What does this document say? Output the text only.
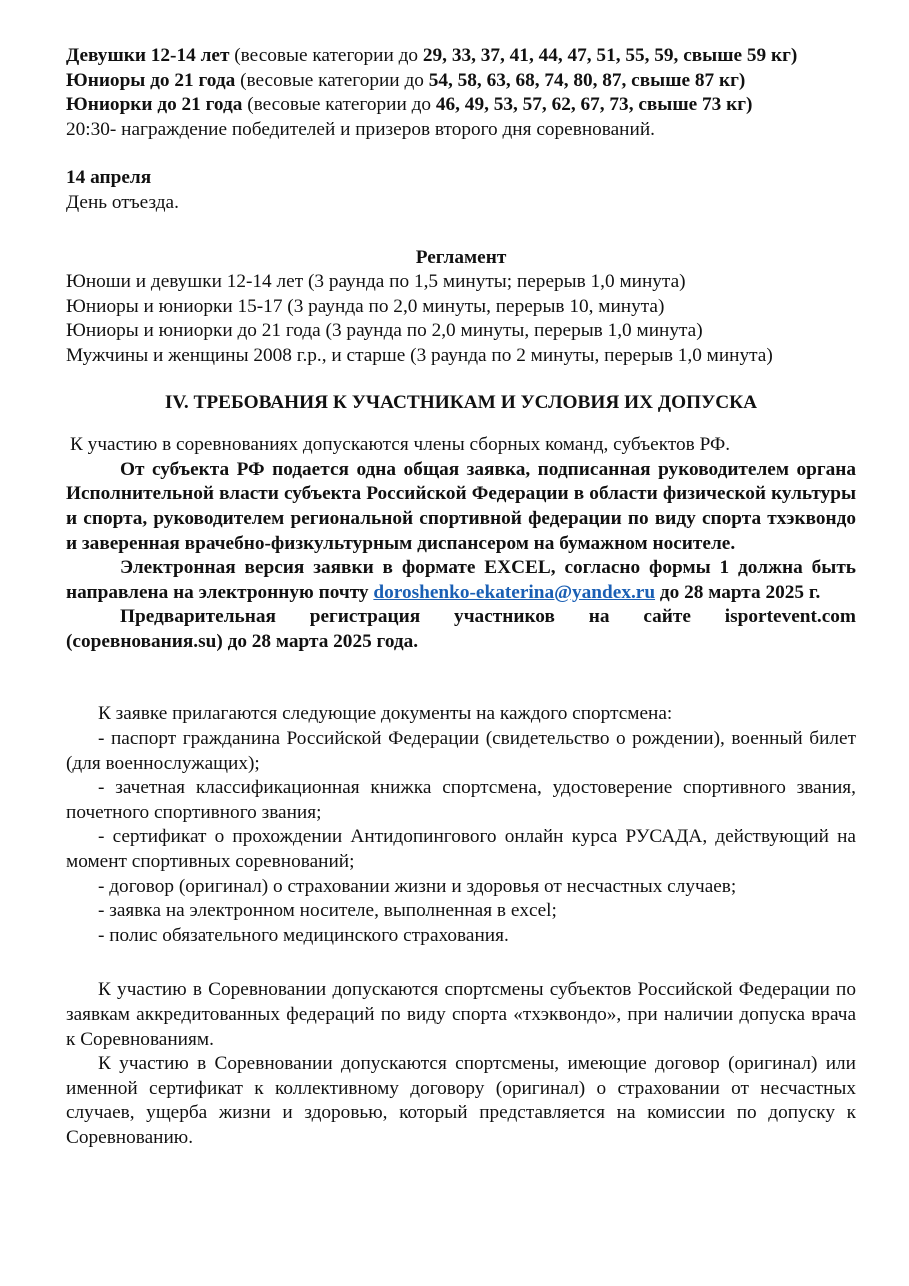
Девушки 12-14 лет (весовые категории до 29, 33, 37, 41, 44, 47, 51, 55, 59, свыше 59 кг)

Юниоры до 21 года (весовые категории до 54, 58, 63, 68, 74, 80, 87, свыше 87 кг)

Юниорки до 21 года (весовые категории до 46, 49, 53, 57, 62, 67, 73, свыше 73 кг)

20:30- награждение победителей и призеров второго дня соревнований.

14 апреля

День отъезда.

Регламент

Юноши и девушки 12-14 лет (3 раунда по 1,5 минуты; перерыв 1,0 минута)

Юниоры и юниорки 15-17 (3 раунда по 2,0 минуты, перерыв 10, минута)

Юниоры и юниорки до 21 года (3 раунда по 2,0 минуты, перерыв 1,0 минута)

Мужчины и женщины 2008 г.р., и старше (3 раунда по 2 минуты, перерыв 1,0 минута)

IV. ТРЕБОВАНИЯ К УЧАСТНИКАМ И УСЛОВИЯ ИХ ДОПУСКА

К участию в соревнованиях допускаются члены сборных команд, субъектов РФ.

От субъекта РФ подается одна общая заявка, подписанная руководителем органа Исполнительной власти субъекта Российской Федерации в области физической культуры и спорта, руководителем региональной спортивной федерации по виду спорта тхэквондо и заверенная врачебно-физкультурным диспансером на бумажном носителе.

Электронная версия заявки в формате EXCEL, согласно формы 1 должна быть направлена на электронную почту doroshenko-ekaterina@yandex.ru до 28 марта 2025 г.

Предварительная регистрация участников на сайте isportevent.com (соревнования.su) до 28 марта 2025 года.

К заявке прилагаются следующие документы на каждого спортсмена:

- паспорт гражданина Российской Федерации (свидетельство о рождении), военный билет (для военнослужащих);

- зачетная классификационная книжка спортсмена, удостоверение спортивного звания, почетного спортивного звания;

- сертификат о прохождении Антидопингового онлайн курса РУСАДА, действующий на момент спортивных соревнований;

- договор (оригинал) о страховании жизни и здоровья от несчастных случаев;

- заявка на электронном носителе, выполненная в excel;

- полис обязательного медицинского страхования.

К участию в Соревновании допускаются спортсмены субъектов Российской Федерации по заявкам аккредитованных федераций по виду спорта «тхэквондо», при наличии допуска врача к Соревнованиям.

К участию в Соревновании допускаются спортсмены, имеющие договор (оригинал) или именной сертификат к коллективному договору (оригинал) о страховании от несчастных случаев, ущерба жизни и здоровью, который представляется на комиссии по допуску к Соревнованию.
